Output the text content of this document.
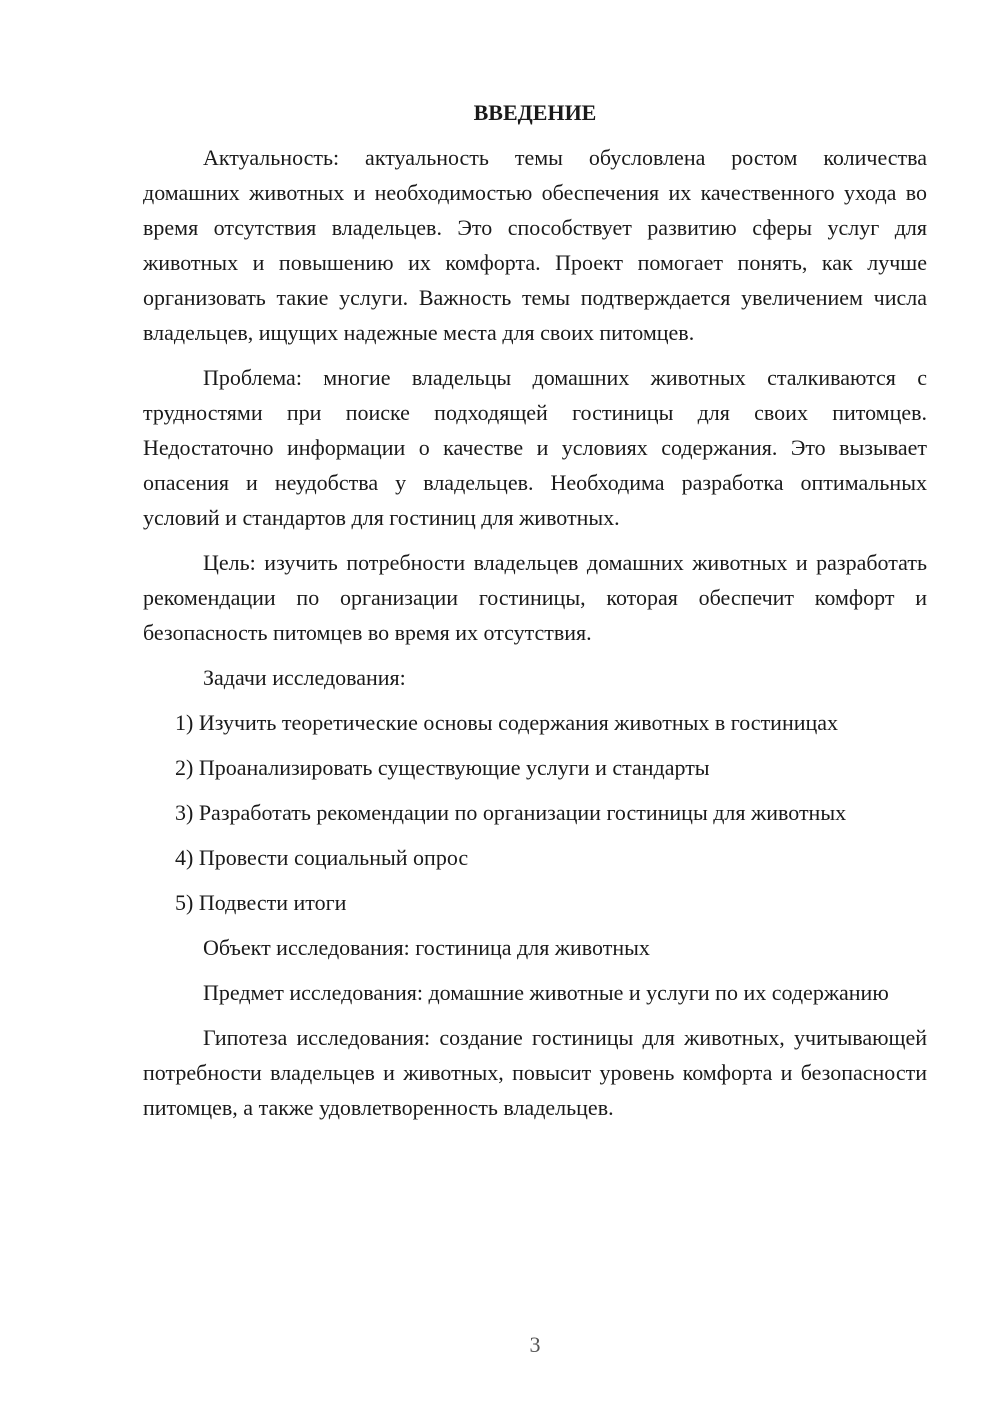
ВВЕДЕНИЕ

Актуальность: актуальность темы обусловлена ростом количества домашних животных и необходимостью обеспечения их качественного ухода во время отсутствия владельцев. Это способствует развитию сферы услуг для животных и повышению их комфорта. Проект помогает понять, как лучше организовать такие услуги. Важность темы подтверждается увеличением числа владельцев, ищущих надежные места для своих питомцев.

Проблема: многие владельцы домашних животных сталкиваются с трудностями при поиске подходящей гостиницы для своих питомцев. Недостаточно информации о качестве и условиях содержания. Это вызывает опасения и неудобства у владельцев. Необходима разработка оптимальных условий и стандартов для гостиниц для животных.

Цель: изучить потребности владельцев домашних животных и разработать рекомендации по организации гостиницы, которая обеспечит комфорт и безопасность питомцев во время их отсутствия.

Задачи исследования:

1) Изучить теоретические основы содержания животных в гостиницах

2) Проанализировать существующие услуги и стандарты

3) Разработать рекомендации по организации гостиницы для животных

4) Провести социальный опрос

5) Подвести итоги

Объект исследования: гостиница для животных

Предмет исследования: домашние животные и услуги по их содержанию

Гипотеза исследования: создание гостиницы для животных, учитывающей потребности владельцев и животных, повысит уровень комфорта и безопасности питомцев, а также удовлетворенность владельцев.

3
